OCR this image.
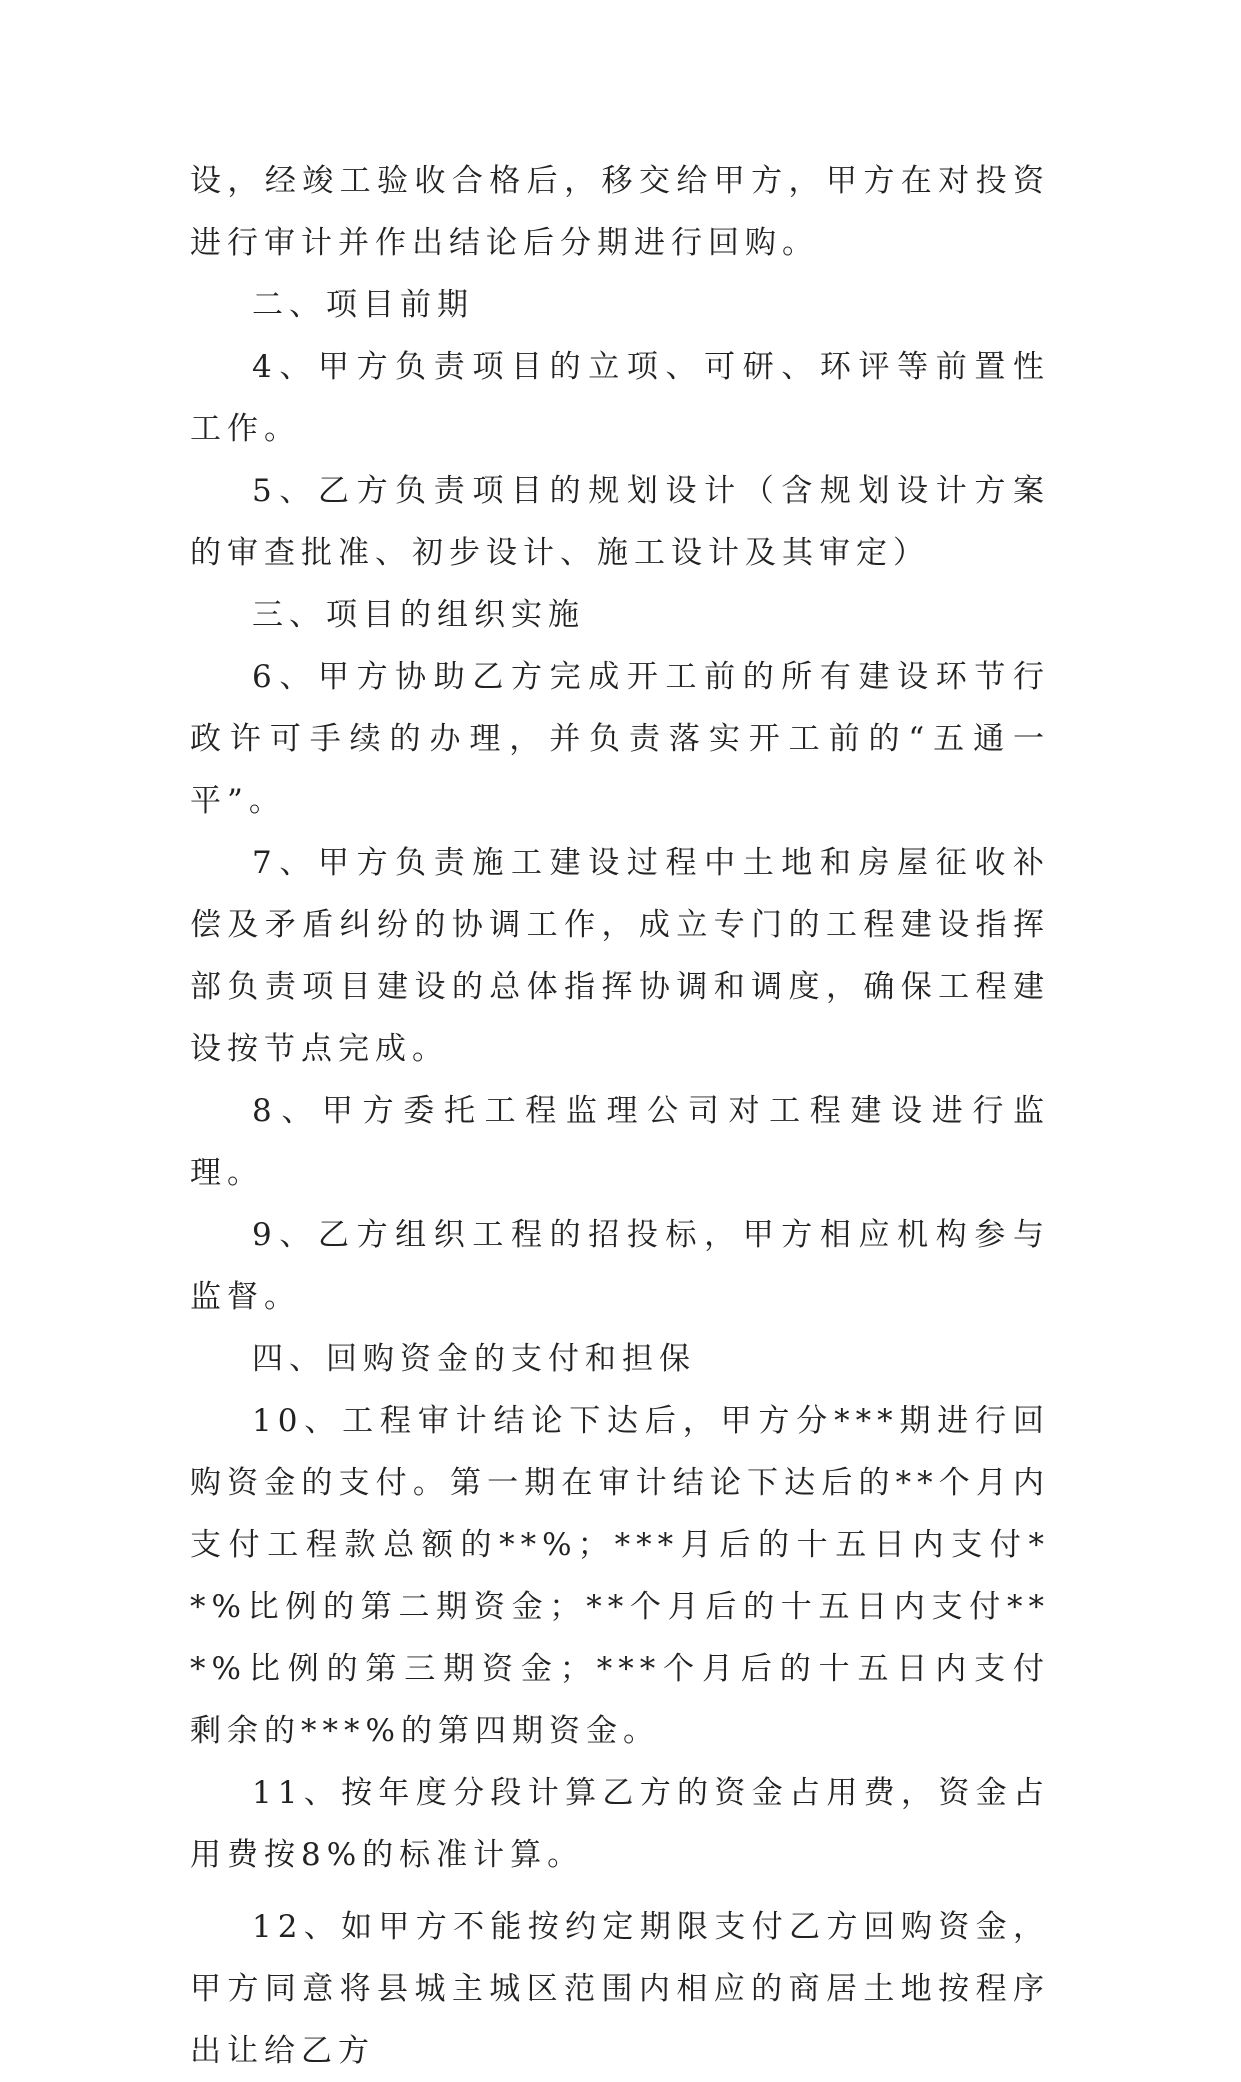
设，经竣工验收合格后，移交给甲方，甲方在对投资进行审计并作出结论后分期进行回购。

二、项目前期

4、甲方负责项目的立项、可研、环评等前置性工作。

5、乙方负责项目的规划设计（含规划设计方案的审查批准、初步设计、施工设计及其审定）

三、项目的组织实施

6、甲方协助乙方完成开工前的所有建设环节行政许可手续的办理，并负责落实开工前的“五通一平”。

7、甲方负责施工建设过程中土地和房屋征收补偿及矛盾纠纷的协调工作，成立专门的工程建设指挥部负责项目建设的总体指挥协调和调度，确保工程建设按节点完成。

8、甲方委托工程监理公司对工程建设进行监理。

9、乙方组织工程的招投标，甲方相应机构参与监督。

四、回购资金的支付和担保

10、工程审计结论下达后，甲方分***期进行回购资金的支付。第一期在审计结论下达后的**个月内支付工程款总额的**%；***月后的十五日内支付**%比例的第二期资金；**个月后的十五日内支付***%比例的第三期资金；***个月后的十五日内支付剩余的***%的第四期资金。

11、按年度分段计算乙方的资金占用费，资金占用费按8%的标准计算。

12、如甲方不能按约定期限支付乙方回购资金，甲方同意将县城主城区范围内相应的商居土地按程序出让给乙方
